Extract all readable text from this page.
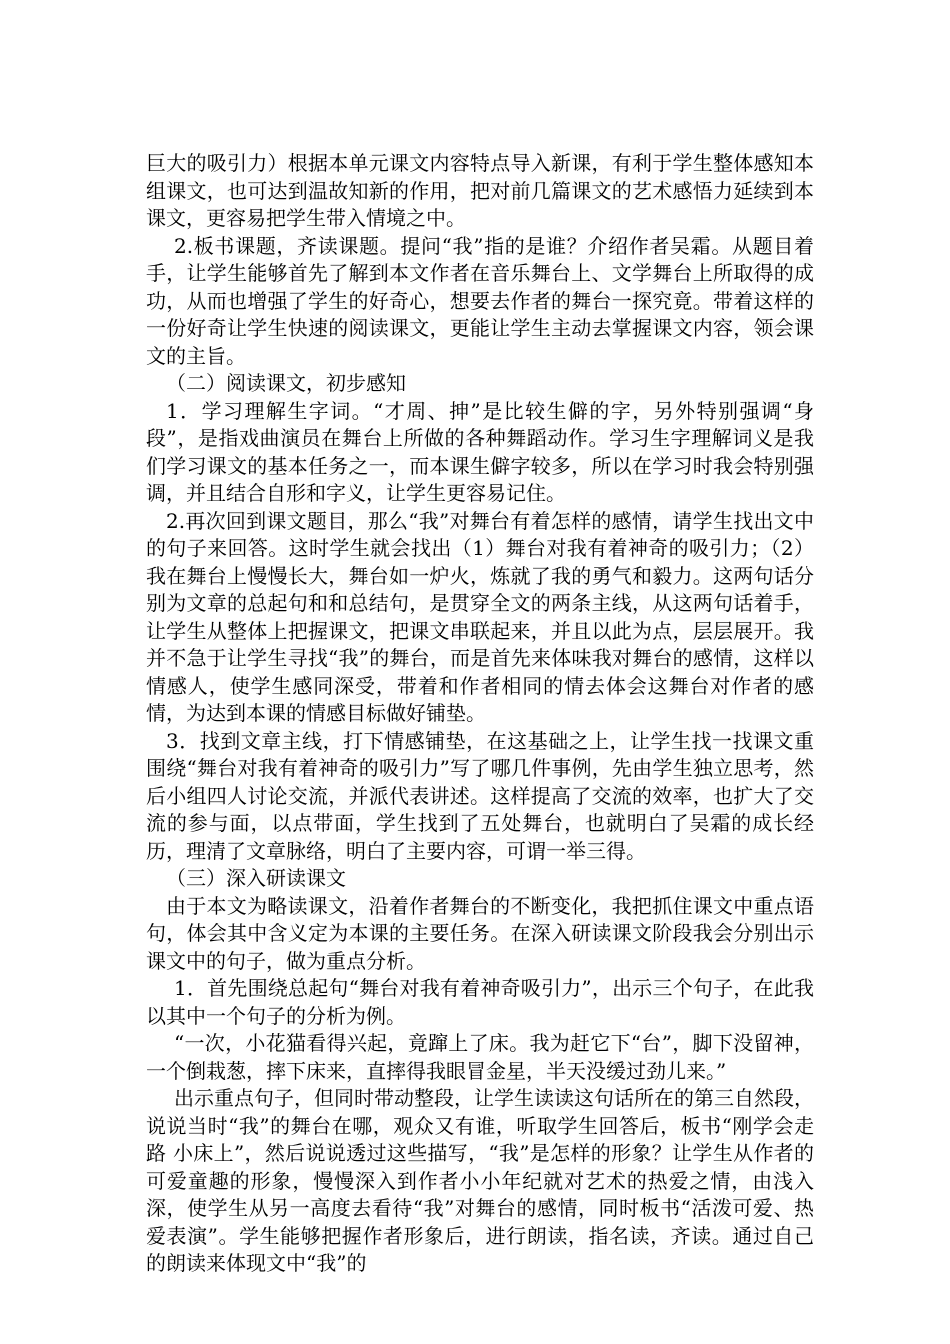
巨大的吸引力）根据本单元课文内容特点导入新课，有利于学生整体感知本组课文，也可达到温故知新的作用，把对前几篇课文的艺术感悟力延续到本课文，更容易把学生带入情境之中。

2.板书课题，齐读课题。提问“我”指的是谁？介绍作者吴霜。从题目着手，让学生能够首先了解到本文作者在音乐舞台上、文学舞台上所取得的成功，从而也增强了学生的好奇心，想要去作者的舞台一探究竟。带着这样的一份好奇让学生快速的阅读课文，更能让学生主动去掌握课文内容，领会课文的主旨。

（二）阅读课文，初步感知

1．学习理解生字词。“才周、抻”是比较生僻的字，另外特别强调“身段”，是指戏曲演员在舞台上所做的各种舞蹈动作。学习生字理解词义是我们学习课文的基本任务之一，而本课生僻字较多，所以在学习时我会特别强调，并且结合自形和字义，让学生更容易记住。

2.再次回到课文题目，那么“我”对舞台有着怎样的感情，请学生找出文中的句子来回答。这时学生就会找出（1）舞台对我有着神奇的吸引力；（2）我在舞台上慢慢长大，舞台如一炉火，炼就了我的勇气和毅力。这两句话分别为文章的总起句和和总结句，是贯穿全文的两条主线，从这两句话着手，让学生从整体上把握课文，把课文串联起来，并且以此为点，层层展开。我并不急于让学生寻找“我”的舞台，而是首先来体味我对舞台的感情，这样以情感人，使学生感同深受，带着和作者相同的情去体会这舞台对作者的感情，为达到本课的情感目标做好铺垫。

3．找到文章主线，打下情感铺垫，在这基础之上，让学生找一找课文重围绕“舞台对我有着神奇的吸引力”写了哪几件事例，先由学生独立思考，然后小组四人讨论交流，并派代表讲述。这样提高了交流的效率，也扩大了交流的参与面，以点带面，学生找到了五处舞台，也就明白了吴霜的成长经历，理清了文章脉络，明白了主要内容，可谓一举三得。

（三）深入研读课文

由于本文为略读课文，沿着作者舞台的不断变化，我把抓住课文中重点语句，体会其中含义定为本课的主要任务。在深入研读课文阶段我会分别出示课文中的句子，做为重点分析。

1．首先围绕总起句“舞台对我有着神奇吸引力”，出示三个句子，在此我以其中一个句子的分析为例。

“一次，小花猫看得兴起，竟蹿上了床。我为赶它下“台”，脚下没留神，一个倒栽葱，摔下床来，直摔得我眼冒金星，半天没缓过劲儿来。”

出示重点句子，但同时带动整段，让学生读读这句话所在的第三自然段，说说当时“我”的舞台在哪，观众又有谁，听取学生回答后，板书“刚学会走路 小床上”，然后说说透过这些描写，“我”是怎样的形象？让学生从作者的可爱童趣的形象，慢慢深入到作者小小年纪就对艺术的热爱之情，由浅入深，使学生从另一高度去看待“我”对舞台的感情，同时板书“活泼可爱、热爱表演”。学生能够把握作者形象后，进行朗读，指名读，齐读。通过自己的朗读来体现文中“我”的
